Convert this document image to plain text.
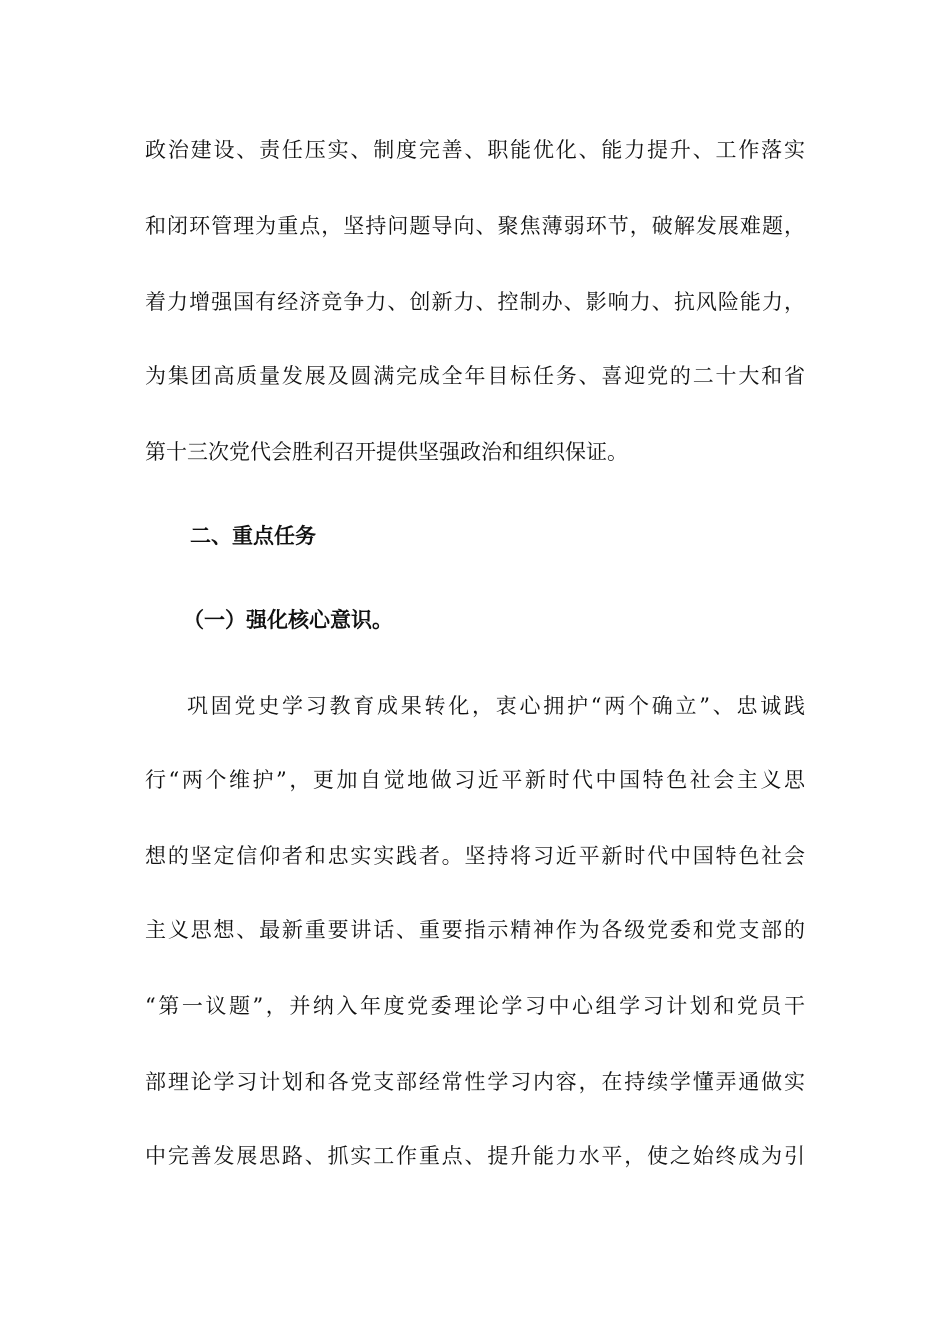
政治建设、责任压实、制度完善、职能优化、能力提升、工作落实
和闭环管理为重点，坚持问题导向、聚焦薄弱环节，破解发展难题，
着力增强国有经济竞争力、创新力、控制办、影响力、抗风险能力，
为集团高质量发展及圆满完成全年目标任务、喜迎党的二十大和省
第十三次党代会胜利召开提供坚强政治和组织保证。
二、重点任务
（一）强化核心意识。
巩固党史学习教育成果转化，衷心拥护“两个确立”、忠诚践
行“两个维护”，更加自觉地做习近平新时代中国特色社会主义思
想的坚定信仰者和忠实实践者。坚持将习近平新时代中国特色社会
主义思想、最新重要讲话、重要指示精神作为各级党委和党支部的
“第一议题”，并纳入年度党委理论学习中心组学习计划和党员干
部理论学习计划和各党支部经常性学习内容，在持续学懂弄通做实
中完善发展思路、抓实工作重点、提升能力水平，使之始终成为引
